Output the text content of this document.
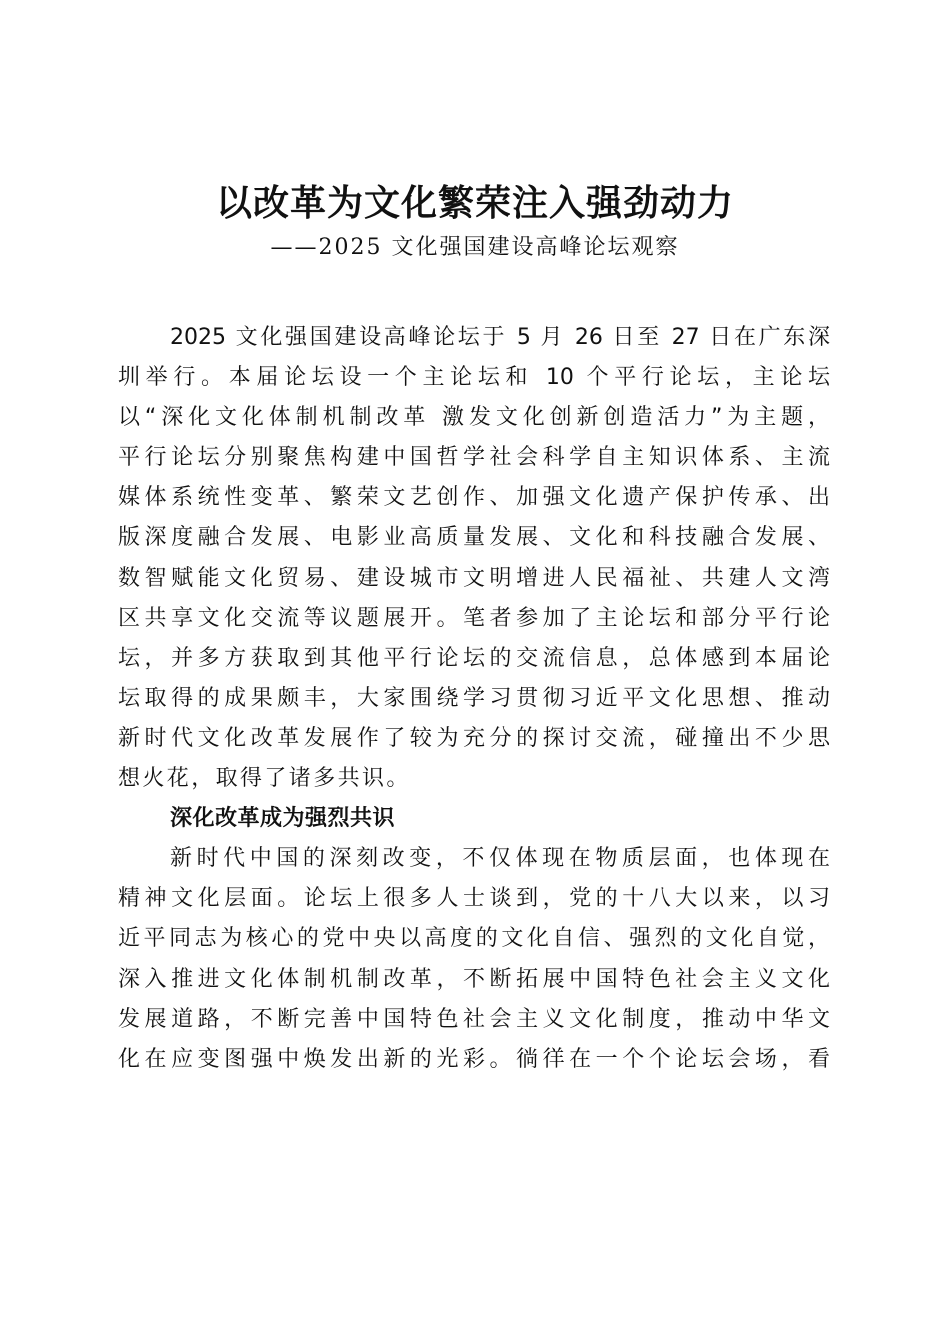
以改革为文化繁荣注入强劲动力
——2025 文化强国建设高峰论坛观察
2025 文化强国建设高峰论坛于 5 月 26 日至 27 日在广东深
圳举行。本届论坛设一个主论坛和 10 个平行论坛，主论坛
以“深化文化体制机制改革 激发文化创新创造活力”为主题，
平行论坛分别聚焦构建中国哲学社会科学自主知识体系、主流
媒体系统性变革、繁荣文艺创作、加强文化遗产保护传承、出
版深度融合发展、电影业高质量发展、文化和科技融合发展、
数智赋能文化贸易、建设城市文明增进人民福祉、共建人文湾
区共享文化交流等议题展开。笔者参加了主论坛和部分平行论
坛，并多方获取到其他平行论坛的交流信息，总体感到本届论
坛取得的成果颇丰，大家围绕学习贯彻习近平文化思想、推动
新时代文化改革发展作了较为充分的探讨交流，碰撞出不少思
想火花，取得了诸多共识。
深化改革成为强烈共识
新时代中国的深刻改变，不仅体现在物质层面，也体现在
精神文化层面。论坛上很多人士谈到，党的十八大以来，以习
近平同志为核心的党中央以高度的文化自信、强烈的文化自觉，
深入推进文化体制机制改革，不断拓展中国特色社会主义文化
发展道路，不断完善中国特色社会主义文化制度，推动中华文
化在应变图强中焕发出新的光彩。徜徉在一个个论坛会场，看
